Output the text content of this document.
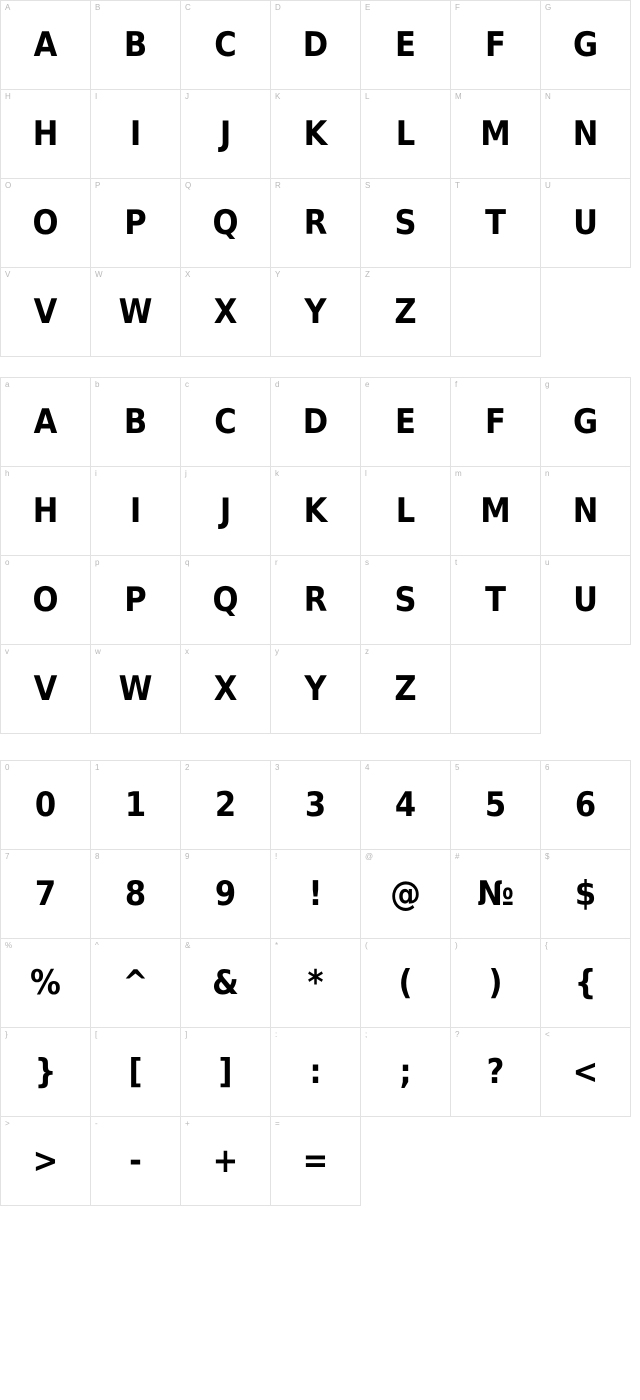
A
A
B
B
C
C
D
D
E
E
F
F
G
G
H
H
I
I
J
J
K
K
L
L
M
M
N
N
O
O
P
P
Q
Q
R
R
S
S
T
T
U
U
V
V
W
W
X
X
Y
Y
Z
Z
a
A
b
B
c
C
d
D
e
E
f
F
g
G
h
H
i
I
j
J
k
K
l
L
m
M
n
N
o
O
p
P
q
Q
r
R
s
S
t
T
u
U
v
V
w
W
x
X
y
Y
z
Z
0
0
1
1
2
2
3
3
4
4
5
5
6
6
7
7
8
8
9
9
!
!
@
@
#
№
$
$
%
%
^
^
&
&
*
*
(
(
)
)
{
{
}
}
[
[
]
]
:
:
;
;
?
?
<
<
>
>
-
-
+
+
=
=
